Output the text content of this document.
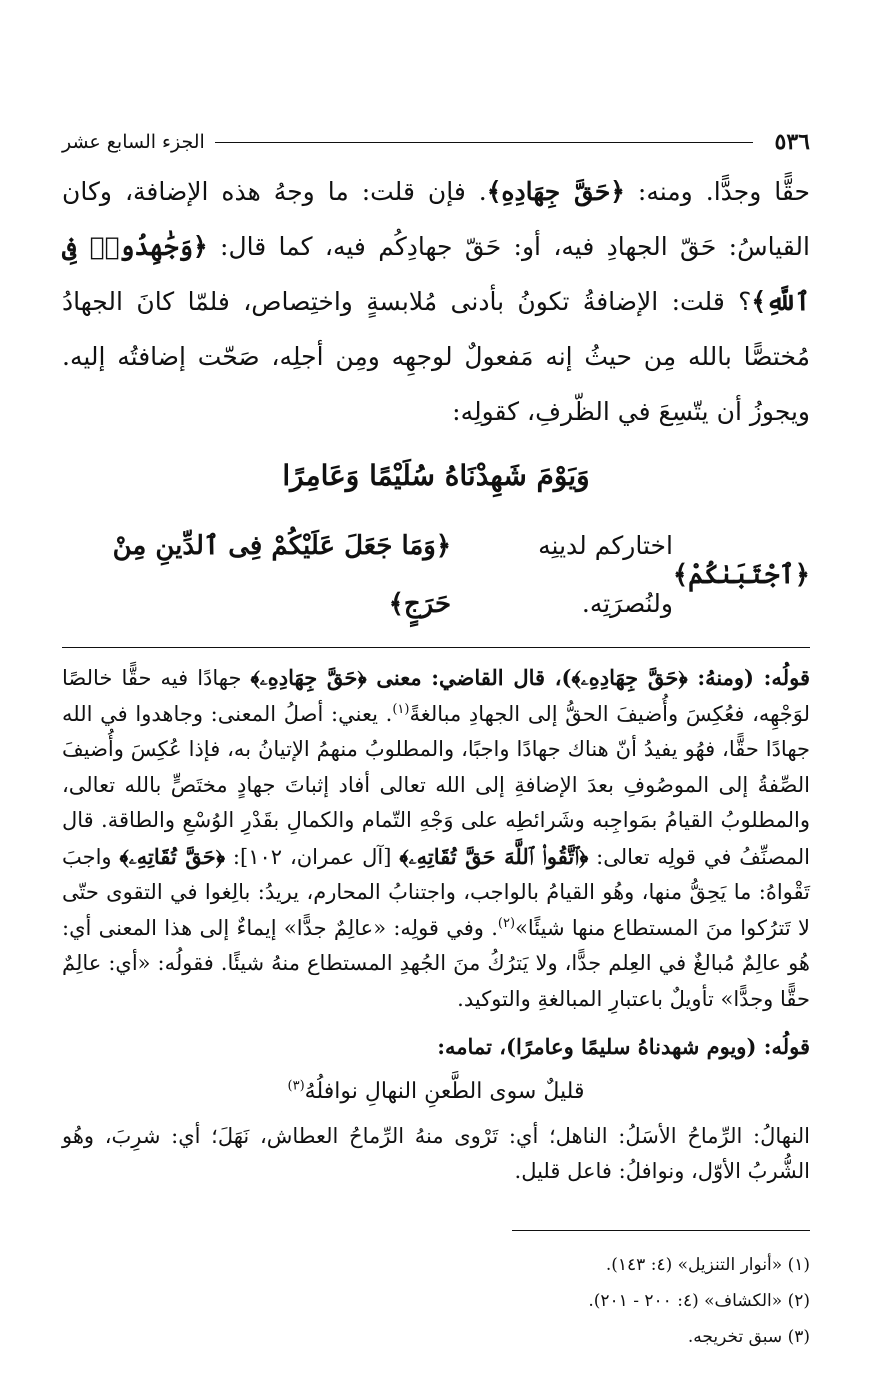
٥٣٦
الجزء السابع عشر

حقًّا وجدًّا. ومنه: ﴿حَقَّ جِهَادِهِ﴾. فإن قلت: ما وجهُ هذه الإضافة، وكان القياسُ: حَقّ الجهادِ فيه، أو: حَقّ جهادِكُم فيه، كما قال: ﴿وَجَٰهِدُوا۟ فِى ٱللَّهِ﴾؟ قلت: الإضافةُ تكونُ بأدنى مُلابسةٍ واختِصاص، فلمّا كانَ الجهادُ مُختصًّا بالله مِن حيثُ إنه مَفعولٌ لوجهِه ومِن أجلِه، صَحّت إضافتُه إليه. ويجوزُ أن يتّسِعَ في الظّرفِ، كقولِه:

وَيَوْمَ شَهِدْنَاهُ سُلَيْمًا وَعَامِرًا
﴿ٱجْتَبَىٰكُمْ﴾
اختاركم لدينِه ولنُصرَتِه.
﴿وَمَا جَعَلَ عَلَيْكُمْ فِى ٱلدِّينِ مِنْ حَرَجٍ﴾

قولُه: (ومنهُ: ﴿حَقَّ جِهَادِهِۦ﴾)، قال القاضي: معنى ﴿حَقَّ جِهَادِهِۦ﴾ جهادًا فيه حقًّا خالصًا لوَجْهِه، فعُكِسَ وأُضيفَ الحقُّ إلى الجهادِ مبالغةً$^{(١)}$. يعني: أصلُ المعنى: وجاهدوا في الله جهادًا حقًّا، فهُو يفيدُ أنّ هناك جهادًا واجبًا، والمطلوبُ منهمُ الإتيانُ به، فإذا عُكِسَ وأُضيفَ الصِّفةُ إلى الموصُوفِ بعدَ الإضافةِ إلى الله تعالى أفاد إثباتَ جهادٍ مختَصٍّ بالله تعالى، والمطلوبُ القيامُ بمَواجِبه وشَرائطِه على وَجْهِ التّمام والكمالِ بقَدْرِ الوُسْعِ والطاقة. قال المصنِّفُ في قولِه تعالى: ﴿ٱتَّقُوا۟ ٱللَّهَ حَقَّ تُقَاتِهِۦ﴾ [آل عمران، ١٠٢]: ﴿حَقَّ تُقَاتِهِۦ﴾ واجبَ تَقْواهُ: ما يَحِقُّ منها، وهُو القيامُ بالواجب، واجتنابُ المحارم، يريدُ: بالِغوا في التقوى حتّى لا تَترُكوا منَ المستطاع منها شيئًا»$^{(٢)}$. وفي قولِه: «عالِمٌ جدًّا» إيماءٌ إلى هذا المعنى أي: هُو عالِمٌ مُبالغٌ في العِلم جدًّا، ولا يَترُكُ منَ الجُهدِ المستطاع منهُ شيئًا. فقولُه: «أي: عالِمٌ حقًّا وجدًّا» تأويلٌ باعتبارِ المبالغةِ والتوكيد.

قولُه: (ويوم شهدناهُ سليمًا وعامرًا)، تمامه:

قليلٌ سوى الطَّعنِ النهالِ نوافلُهُ$^{(٣)}$

النهالُ: الرِّماحُ الأسَلُ: الناهل؛ أي: تَرْوى منهُ الرِّماحُ العطاش، نَهَلَ؛ أي: شرِبَ، وهُو الشُّربُ الأوّل، ونوافلُ: فاعل قليل.

(١) «أنوار التنزيل» (٤: ١٤٣).

(٢) «الكشاف» (٤: ٢٠٠ - ٢٠١).

(٣) سبق تخريجه.
